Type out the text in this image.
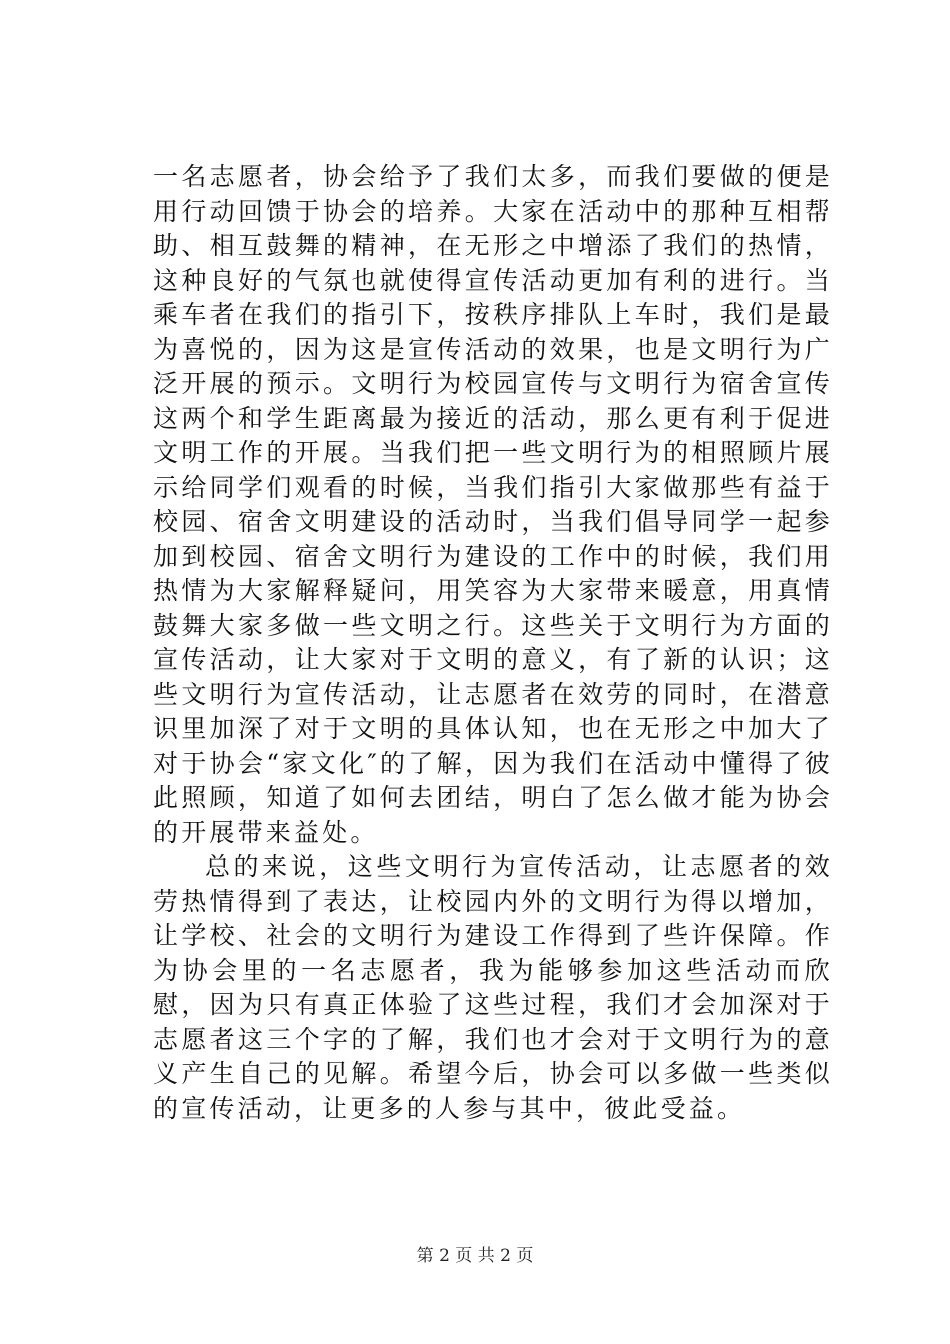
一名志愿者，协会给予了我们太多，而我们要做的便是用行动回馈于协会的培养。大家在活动中的那种互相帮助、相互鼓舞的精神，在无形之中增添了我们的热情，这种良好的气氛也就使得宣传活动更加有利的进行。当乘车者在我们的指引下，按秩序排队上车时，我们是最为喜悦的，因为这是宣传活动的效果，也是文明行为广泛开展的预示。文明行为校园宣传与文明行为宿舍宣传这两个和学生距离最为接近的活动，那么更有利于促进文明工作的开展。当我们把一些文明行为的相照顾片展示给同学们观看的时候，当我们指引大家做那些有益于校园、宿舍文明建设的活动时，当我们倡导同学一起参加到校园、宿舍文明行为建设的工作中的时候，我们用热情为大家解释疑问，用笑容为大家带来暖意，用真情鼓舞大家多做一些文明之行。这些关于文明行为方面的宣传活动，让大家对于文明的意义，有了新的认识；这些文明行为宣传活动，让志愿者在效劳的同时，在潜意识里加深了对于文明的具体认知，也在无形之中加大了对于协会“家文化″的了解，因为我们在活动中懂得了彼此照顾，知道了如何去团结，明白了怎么做才能为协会的开展带来益处。

总的来说，这些文明行为宣传活动，让志愿者的效劳热情得到了表达，让校园内外的文明行为得以增加，让学校、社会的文明行为建设工作得到了些许保障。作为协会里的一名志愿者，我为能够参加这些活动而欣慰，因为只有真正体验了这些过程，我们才会加深对于志愿者这三个字的了解，我们也才会对于文明行为的意义产生自己的见解。希望今后，协会可以多做一些类似的宣传活动，让更多的人参与其中，彼此受益。

第 2 页 共 2 页
